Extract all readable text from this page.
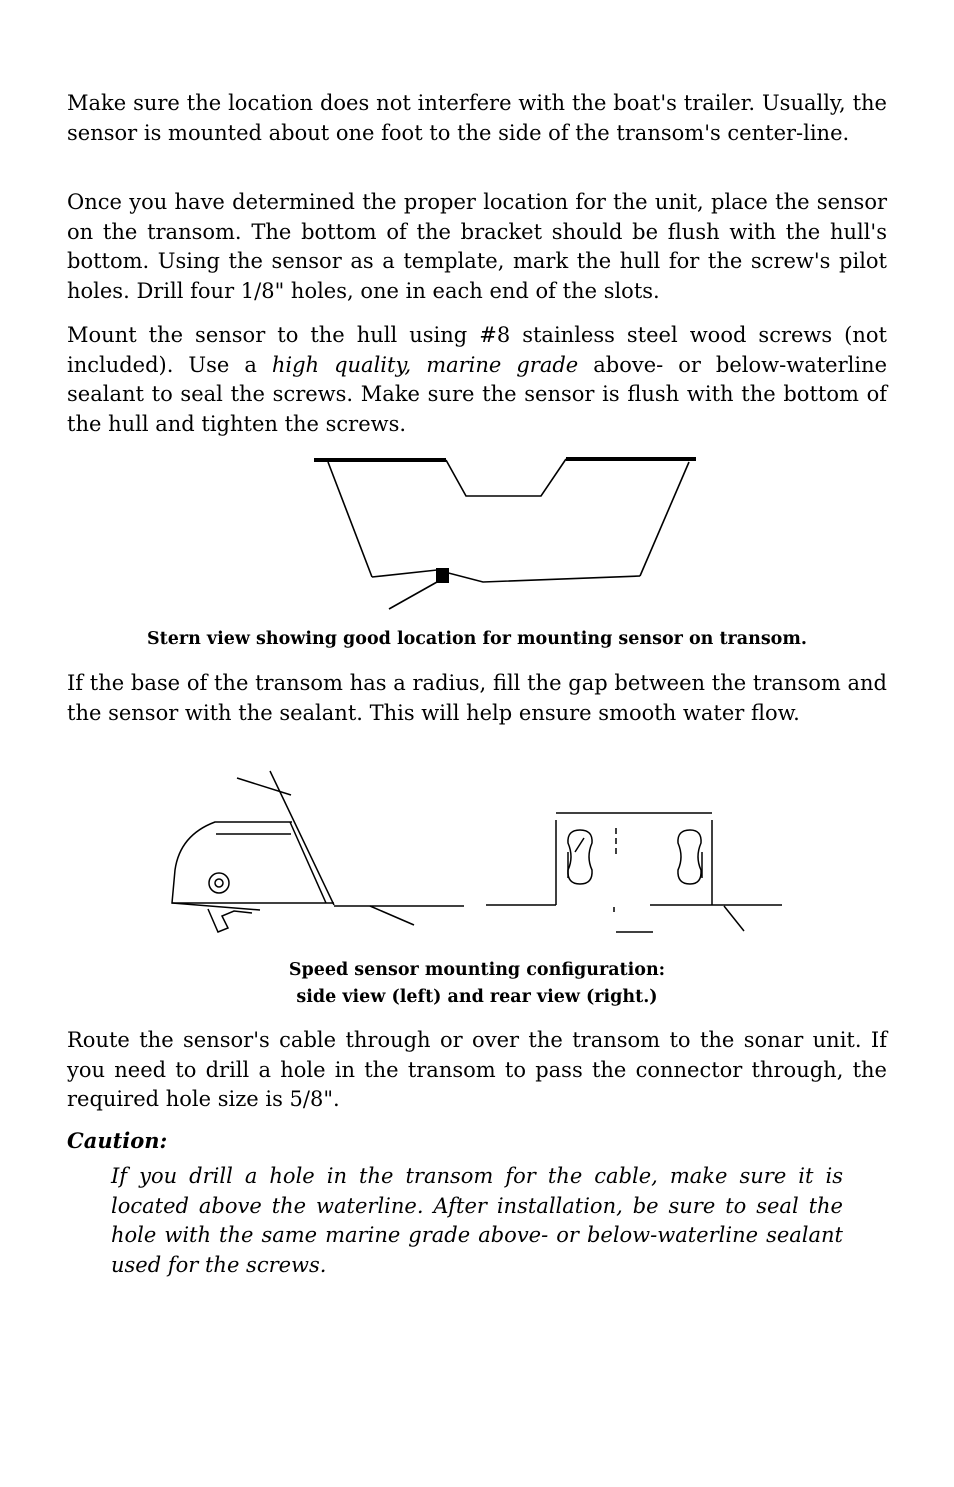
Make sure the location does not interfere with the boat's trailer. Usually, the sensor is mounted about one foot to the side of the transom's center-line.

Once you have determined the proper location for the unit, place the sensor on the transom. The bottom of the bracket should be flush with the hull's bottom. Using the sensor as a template, mark the hull for the screw's pilot holes. Drill four 1/8" holes, one in each end of the slots.

Mount the sensor to the hull using #8 stainless steel wood screws (not included). Use a high quality, marine grade above- or below-waterline sealant to seal the screws. Make sure the sensor is flush with the bottom of the hull and tighten the screws.

Stern view showing good location for mounting sensor on transom.

If the base of the transom has a radius, fill the gap between the transom and the sensor with the sealant. This will help ensure smooth water flow.

Speed sensor mounting configuration:

side view (left) and rear view (right.)

Route the sensor's cable through or over the transom to the sonar unit. If you need to drill a hole in the transom to pass the connector through, the required hole size is 5/8".

Caution:

If you drill a hole in the transom for the cable, make sure it is located above the waterline. After installation, be sure to seal the hole with the same marine grade above- or below-waterline sealant used for the screws.
